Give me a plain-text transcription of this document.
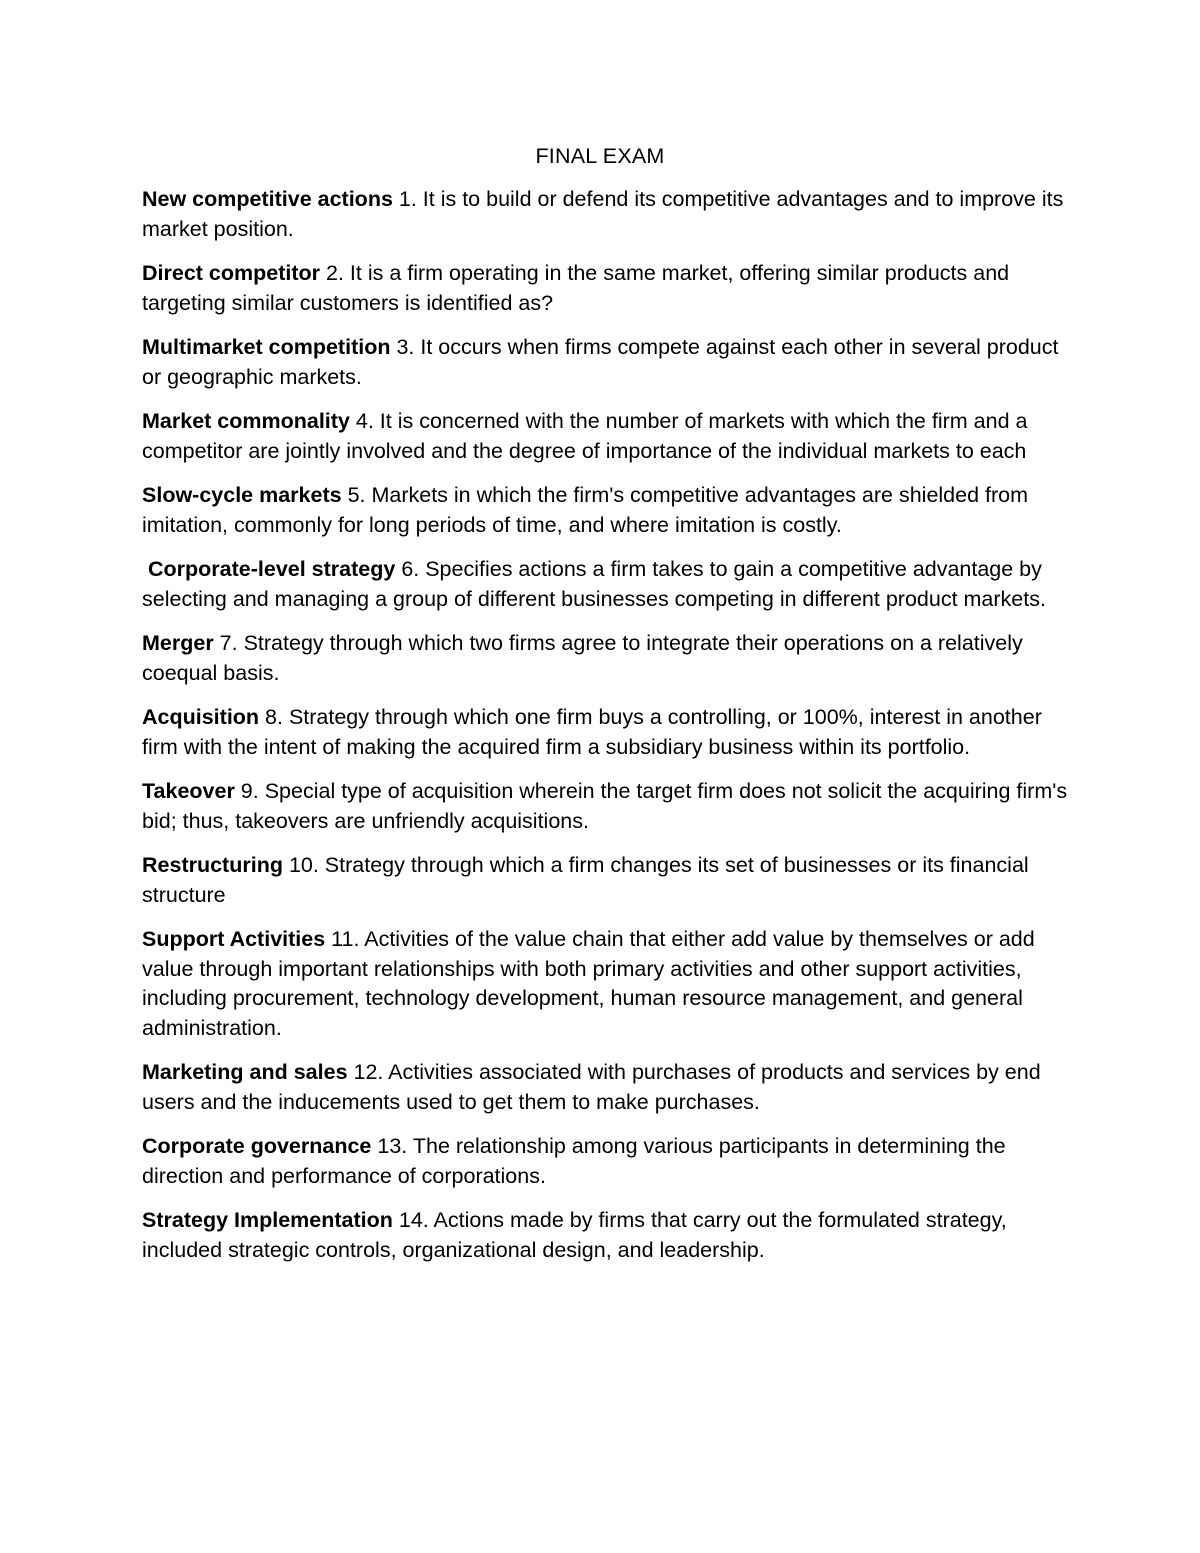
FINAL EXAM

New competitive actions 1. It is to build or defend its competitive advantages and to improve its market position.

Direct competitor 2. It is a firm operating in the same market, offering similar products and targeting similar customers is identified as?

Multimarket competition 3. It occurs when firms compete against each other in several product or geographic markets.

Market commonality 4. It is concerned with the number of markets with which the firm and a competitor are jointly involved and the degree of importance of the individual markets to each

Slow-cycle markets 5. Markets in which the firm's competitive advantages are shielded from imitation, commonly for long periods of time, and where imitation is costly.

Corporate-level strategy 6. Specifies actions a firm takes to gain a competitive advantage by selecting and managing a group of different businesses competing in different product markets.

Merger 7. Strategy through which two firms agree to integrate their operations on a relatively coequal basis.

Acquisition 8. Strategy through which one firm buys a controlling, or 100%, interest in another firm with the intent of making the acquired firm a subsidiary business within its portfolio.

Takeover 9. Special type of acquisition wherein the target firm does not solicit the acquiring firm's bid; thus, takeovers are unfriendly acquisitions.

Restructuring 10. Strategy through which a firm changes its set of businesses or its financial structure

Support Activities 11. Activities of the value chain that either add value by themselves or add value through important relationships with both primary activities and other support activities, including procurement, technology development, human resource management, and general administration.

Marketing and sales 12. Activities associated with purchases of products and services by end users and the inducements used to get them to make purchases.

Corporate governance 13. The relationship among various participants in determining the direction and performance of corporations.

Strategy Implementation 14. Actions made by firms that carry out the formulated strategy, included strategic controls, organizational design, and leadership.
